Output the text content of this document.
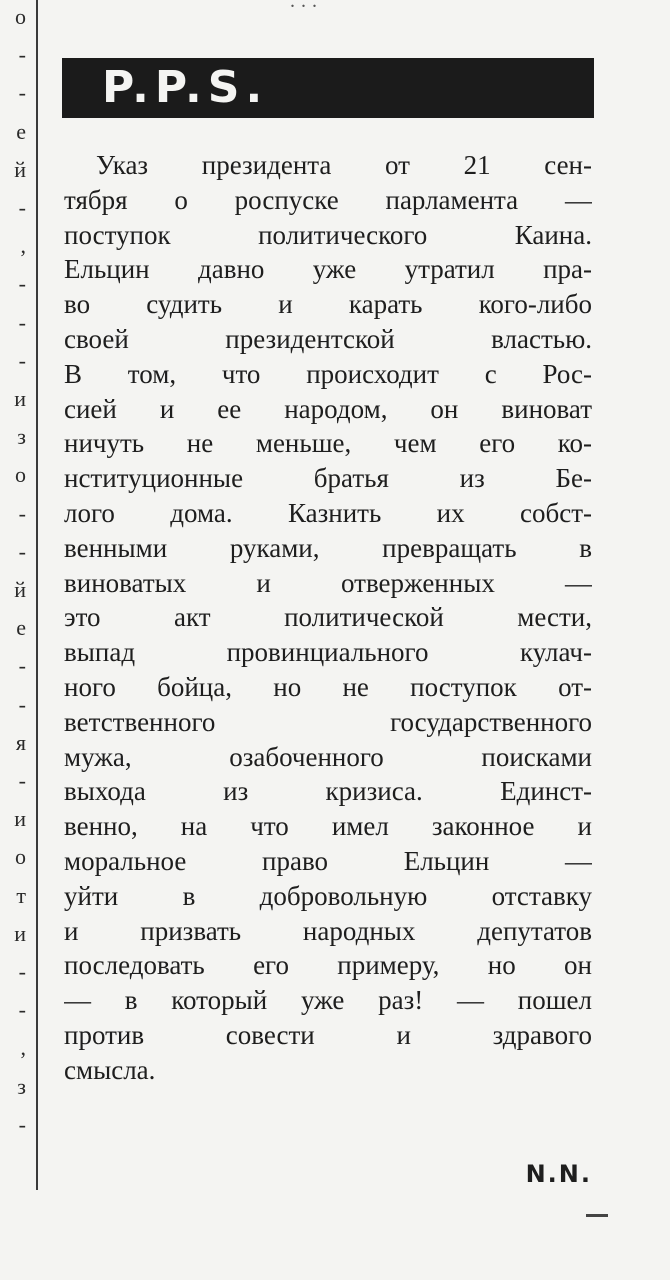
...
о
-
-
е
й
-
,
-
-
-
и
з
о
-
-
й
е
-
-
я
-
и
о
т
и
-
-
,
з
-
P.P.S.
Указ президента от 21 сен-
тября о роспуске парламента —
поступок политического Каина.
Ельцин давно уже утратил пра-
во судить и карать кого-либо
своей президентской властью.
В том, что происходит с Рос-
сией и ее народом, он виноват
ничуть не меньше, чем его ко-
нституционные братья из Бе-
лого дома. Казнить их собст-
венными руками, превращать в
виноватых и отверженных —
это акт политической мести,
выпад провинциального кулач-
ного бойца, но не поступок от-
ветственного государственного
мужа, озабоченного поисками
выхода из кризиса. Единст-
венно, на что имел законное и
моральное право Ельцин —
уйти в добровольную отставку
и призвать народных депутатов
последовать его примеру, но он
— в который уже раз! — пошел
против совести и здравого
смысла.
N.N.
